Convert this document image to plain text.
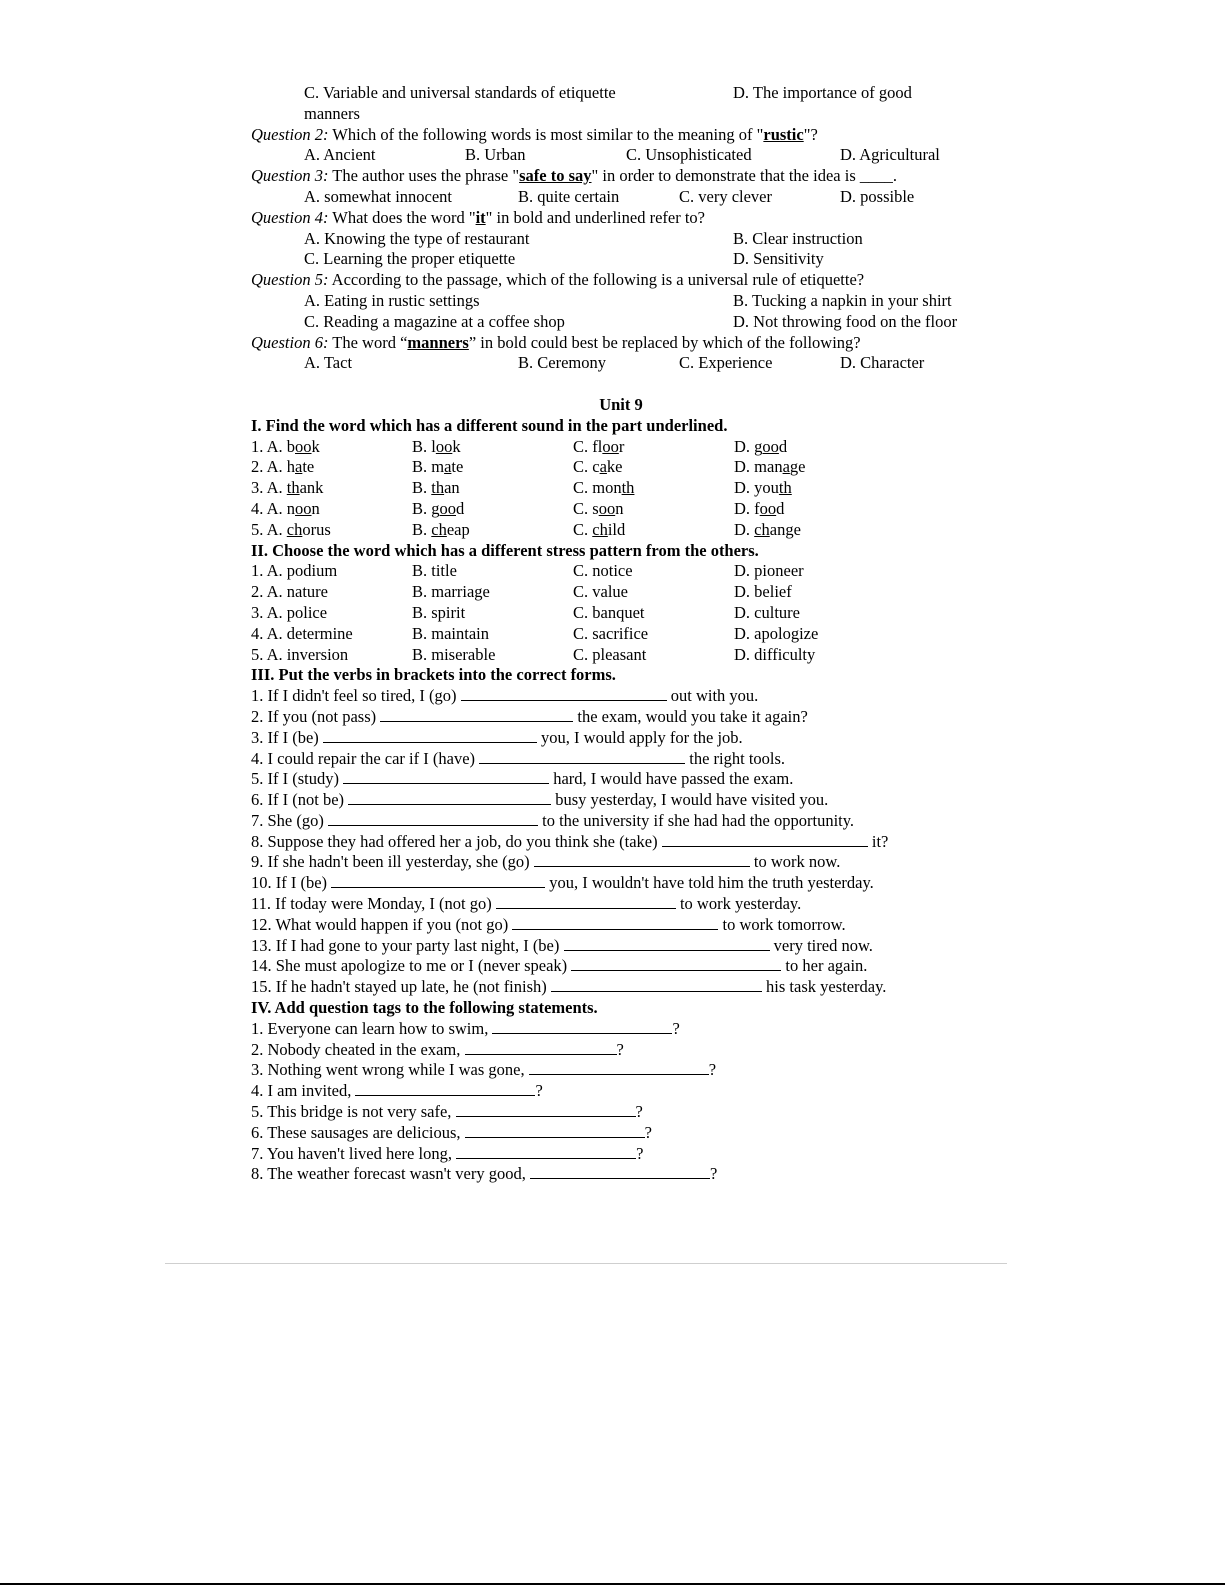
C. Variable and universal standards of etiquette	D. The importance of good
manners
Question 2: Which of the following words is most similar to the meaning of "rustic"?
A. Ancient	B. Urban	C. Unsophisticated	D. Agricultural
Question 3: The author uses the phrase "safe to say" in order to demonstrate that the idea is ____.
A. somewhat innocent	B. quite certain	C. very clever	D. possible
Question 4: What does the word "it" in bold and underlined refer to?
A. Knowing the type of restaurant	B. Clear instruction
C. Learning the proper etiquette	D. Sensitivity
Question 5: According to the passage, which of the following is a universal rule of etiquette?
A. Eating in rustic settings	B. Tucking a napkin in your shirt
C. Reading a magazine at a coffee shop	D. Not throwing food on the floor
Question 6: The word “manners” in bold could best be replaced by which of the following?
A. Tact	B. Ceremony	C. Experience	D. Character
Unit 9
I. Find the word which has a different sound in the part underlined.
1. A. book	B. look	C. floor	D. good
2. A. hate	B. mate	C. cake	D. manage
3. A. thank	B. than	C. month	D. youth
4. A. noon	B. good	C. soon	D. food
5. A. chorus	B. cheap	C. child	D. change
II. Choose the word which has a different stress pattern from the others.
1. A. podium	B. title	C. notice	D. pioneer
2. A. nature	B. marriage	C. value	D. belief
3. A. police	B. spirit	C. banquet	D. culture
4. A. determine	B. maintain	C. sacrifice	D. apologize
5. A. inversion	B. miserable	C. pleasant	D. difficulty
III. Put the verbs in brackets into the correct forms.
1. If I didn't feel so tired, I (go)	out with you.
2. If you (not pass)	the exam, would you take it again?
3. If I (be)	you, I would apply for the job.
4. I could repair the car if I (have)	the right tools.
5. If I (study)	hard, I would have passed the exam.
6. If I (not be)	busy yesterday, I would have visited you.
7. She (go)	to the university if she had had the opportunity.
8. Suppose they had offered her a job, do you think she (take)	it?
9. If she hadn't been ill yesterday, she (go)	to work now.
10. If I (be)	you, I wouldn't have told him the truth yesterday.
11. If today were Monday, I (not go)	to work yesterday.
12. What would happen if you (not go)	to work tomorrow.
13. If I had gone to your party last night, I (be)	very tired now.
14. She must apologize to me or I (never speak)	to her again.
15. If he hadn't stayed up late, he (not finish)	his task yesterday.
IV. Add question tags to the following statements.
1. Everyone can learn how to swim,	?
2. Nobody cheated in the exam,	?
3. Nothing went wrong while I was gone,	?
4. I am invited,	?
5. This bridge is not very safe,	?
6. These sausages are delicious,	?
7. You haven't lived here long,	?
8. The weather forecast wasn't very good,	?
